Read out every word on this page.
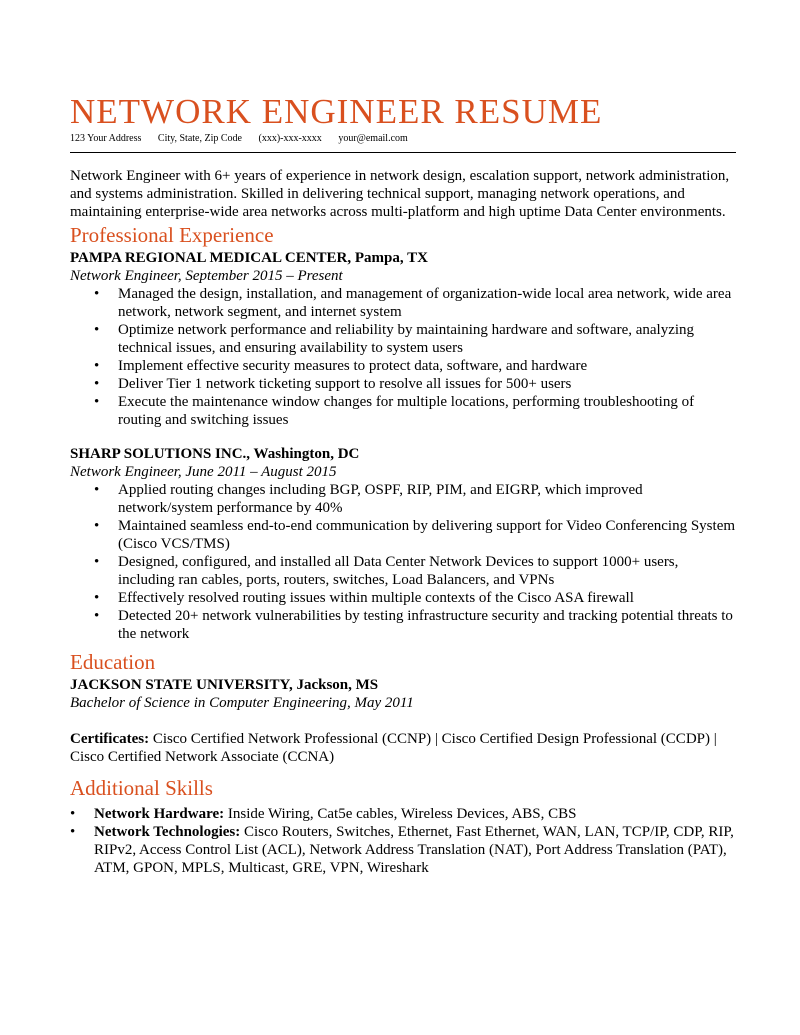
NETWORK ENGINEER RESUME
123 Your Address City, State, Zip Code (xxx)-xxx-xxxx your@email.com
Network Engineer with 6+ years of experience in network design, escalation support, network administration, and systems administration. Skilled in delivering technical support, managing network operations, and maintaining enterprise-wide area networks across multi-platform and high uptime Data Center environments.
Professional Experience
PAMPA REGIONAL MEDICAL CENTER, Pampa, TX
Network Engineer, September 2015 – Present
• Managed the design, installation, and management of organization-wide local area network, wide area network, network segment, and internet system
• Optimize network performance and reliability by maintaining hardware and software, analyzing technical issues, and ensuring availability to system users
• Implement effective security measures to protect data, software, and hardware
• Deliver Tier 1 network ticketing support to resolve all issues for 500+ users
• Execute the maintenance window changes for multiple locations, performing troubleshooting of routing and switching issues
SHARP SOLUTIONS INC., Washington, DC
Network Engineer, June 2011 – August 2015
• Applied routing changes including BGP, OSPF, RIP, PIM, and EIGRP, which improved network/system performance by 40%
• Maintained seamless end-to-end communication by delivering support for Video Conferencing System (Cisco VCS/TMS)
• Designed, configured, and installed all Data Center Network Devices to support 1000+ users, including ran cables, ports, routers, switches, Load Balancers, and VPNs
• Effectively resolved routing issues within multiple contexts of the Cisco ASA firewall
• Detected 20+ network vulnerabilities by testing infrastructure security and tracking potential threats to the network
Education
JACKSON STATE UNIVERSITY, Jackson, MS
Bachelor of Science in Computer Engineering, May 2011
Certificates: Cisco Certified Network Professional (CCNP) | Cisco Certified Design Professional (CCDP) | Cisco Certified Network Associate (CCNA)
Additional Skills
• Network Hardware: Inside Wiring, Cat5e cables, Wireless Devices, ABS, CBS
• Network Technologies: Cisco Routers, Switches, Ethernet, Fast Ethernet, WAN, LAN, TCP/IP, CDP, RIP, RIPv2, Access Control List (ACL), Network Address Translation (NAT), Port Address Translation (PAT), ATM, GPON, MPLS, Multicast, GRE, VPN, Wireshark
